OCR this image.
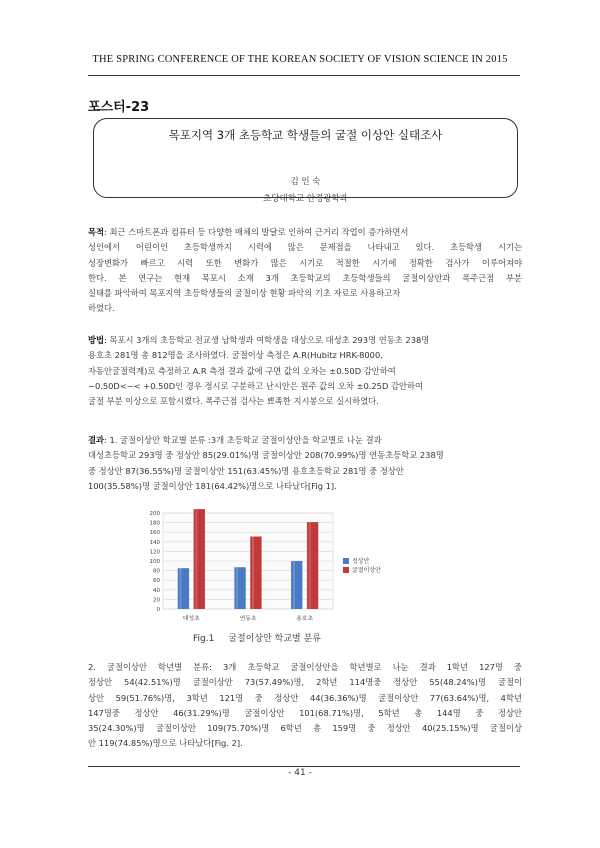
THE SPRING CONFERENCE OF THE KOREAN SOCIETY OF VISION SCIENCE IN 2015
포스터-23
목포지역 3개 초등학교 학생들의 굴절 이상안 실태조사
김 인 숙
초당대학교 안경광학과
목적: 최근 스마트폰과 컴퓨터 등 다양한 매체의 발달로 인하여 근거리 작업이 증가하면서
성인에서 어린이인 초등학생까지 시력에 많은 문제점을 나타내고 있다. 초등학생 시기는
성장변화가 빠르고 시력 또한 변화가 많은 시기로 적절한 시기에 정확한 검사가 이루어져야
한다. 본 연구는 현재 목포시 소재 3개 초등학교의 초등학생들의 굴절이상안과 폭주근점 부분
실태를 파악하여 목포지역 초등학생들의 굴절이상 현황 파악의 기초 자료로 사용하고자
하였다.
방법: 목포시 3개의 초등학교 전교생 남학생과 여학생을 대상으로 대성초 293명 연동초 238명
용호초 281명 총 812명을 조사하였다. 굴절이상 측정은 A.R(Hubitz HRK-8000,
자동안굴절력계)로 측정하고 A.R 측정 결과 값에 구면 값의 오차는 ±0.50D 감안하여
−0.50D<~< +0.50D인 경우 정시로 구분하고 난시안은 원주 값의 오차 ±0.25D 감안하여
굴절 부분 이상으로 포함시켰다. 폭주근점 검사는 뾰족한 지시봉으로 실시하였다.
결과: 1. 굴절이상안 학교별 분류 :3개 초등학교 굴절이상안을 학교별로 나눈 결과
대성초등학교 293명 중 정상안 85(29.01%)명 굴절이상안 208(70.99%)명 연동초등학교 238명
중 정상안 87(36.55%)명 굴절이상안 151(63.45%)명 용호초등학교 281명 중 정상안
100(35.58%)명 굴절이상안 181(64.42%)명으로 나타났다[Fig 1].
0
20
40
60
80
100
120
140
160
180
200
대성초	연동초	용호초
정상안
굴절이상안
Fig.1 굴절이상안 학교별 분류
2. 굴절이상안 학년별 분류: 3개 초등학교 굴절이상안을 학년별로 나눈 결과 1학년 127명 중
정상안 54(42.51%)명 굴절이상안 73(57.49%)명, 2학년 114명중 정상안 55(48.24%)명 굴절이
상안 59(51.76%)명, 3학년 121명 중 정상안 44(36.36%)명 굴절이상안 77(63.64%)명, 4학년
147명중 정상안 46(31.29%)명 굴절이상안 101(68.71%)명, 5학년 총 144명 중 정상안
35(24.30%)명 굴절이상안 109(75.70%)명 6학년 총 159명 중 정상안 40(25.15%)명 굴절이상
안 119(74.85%)명으로 나타났다[Fig. 2].
- 41 -
